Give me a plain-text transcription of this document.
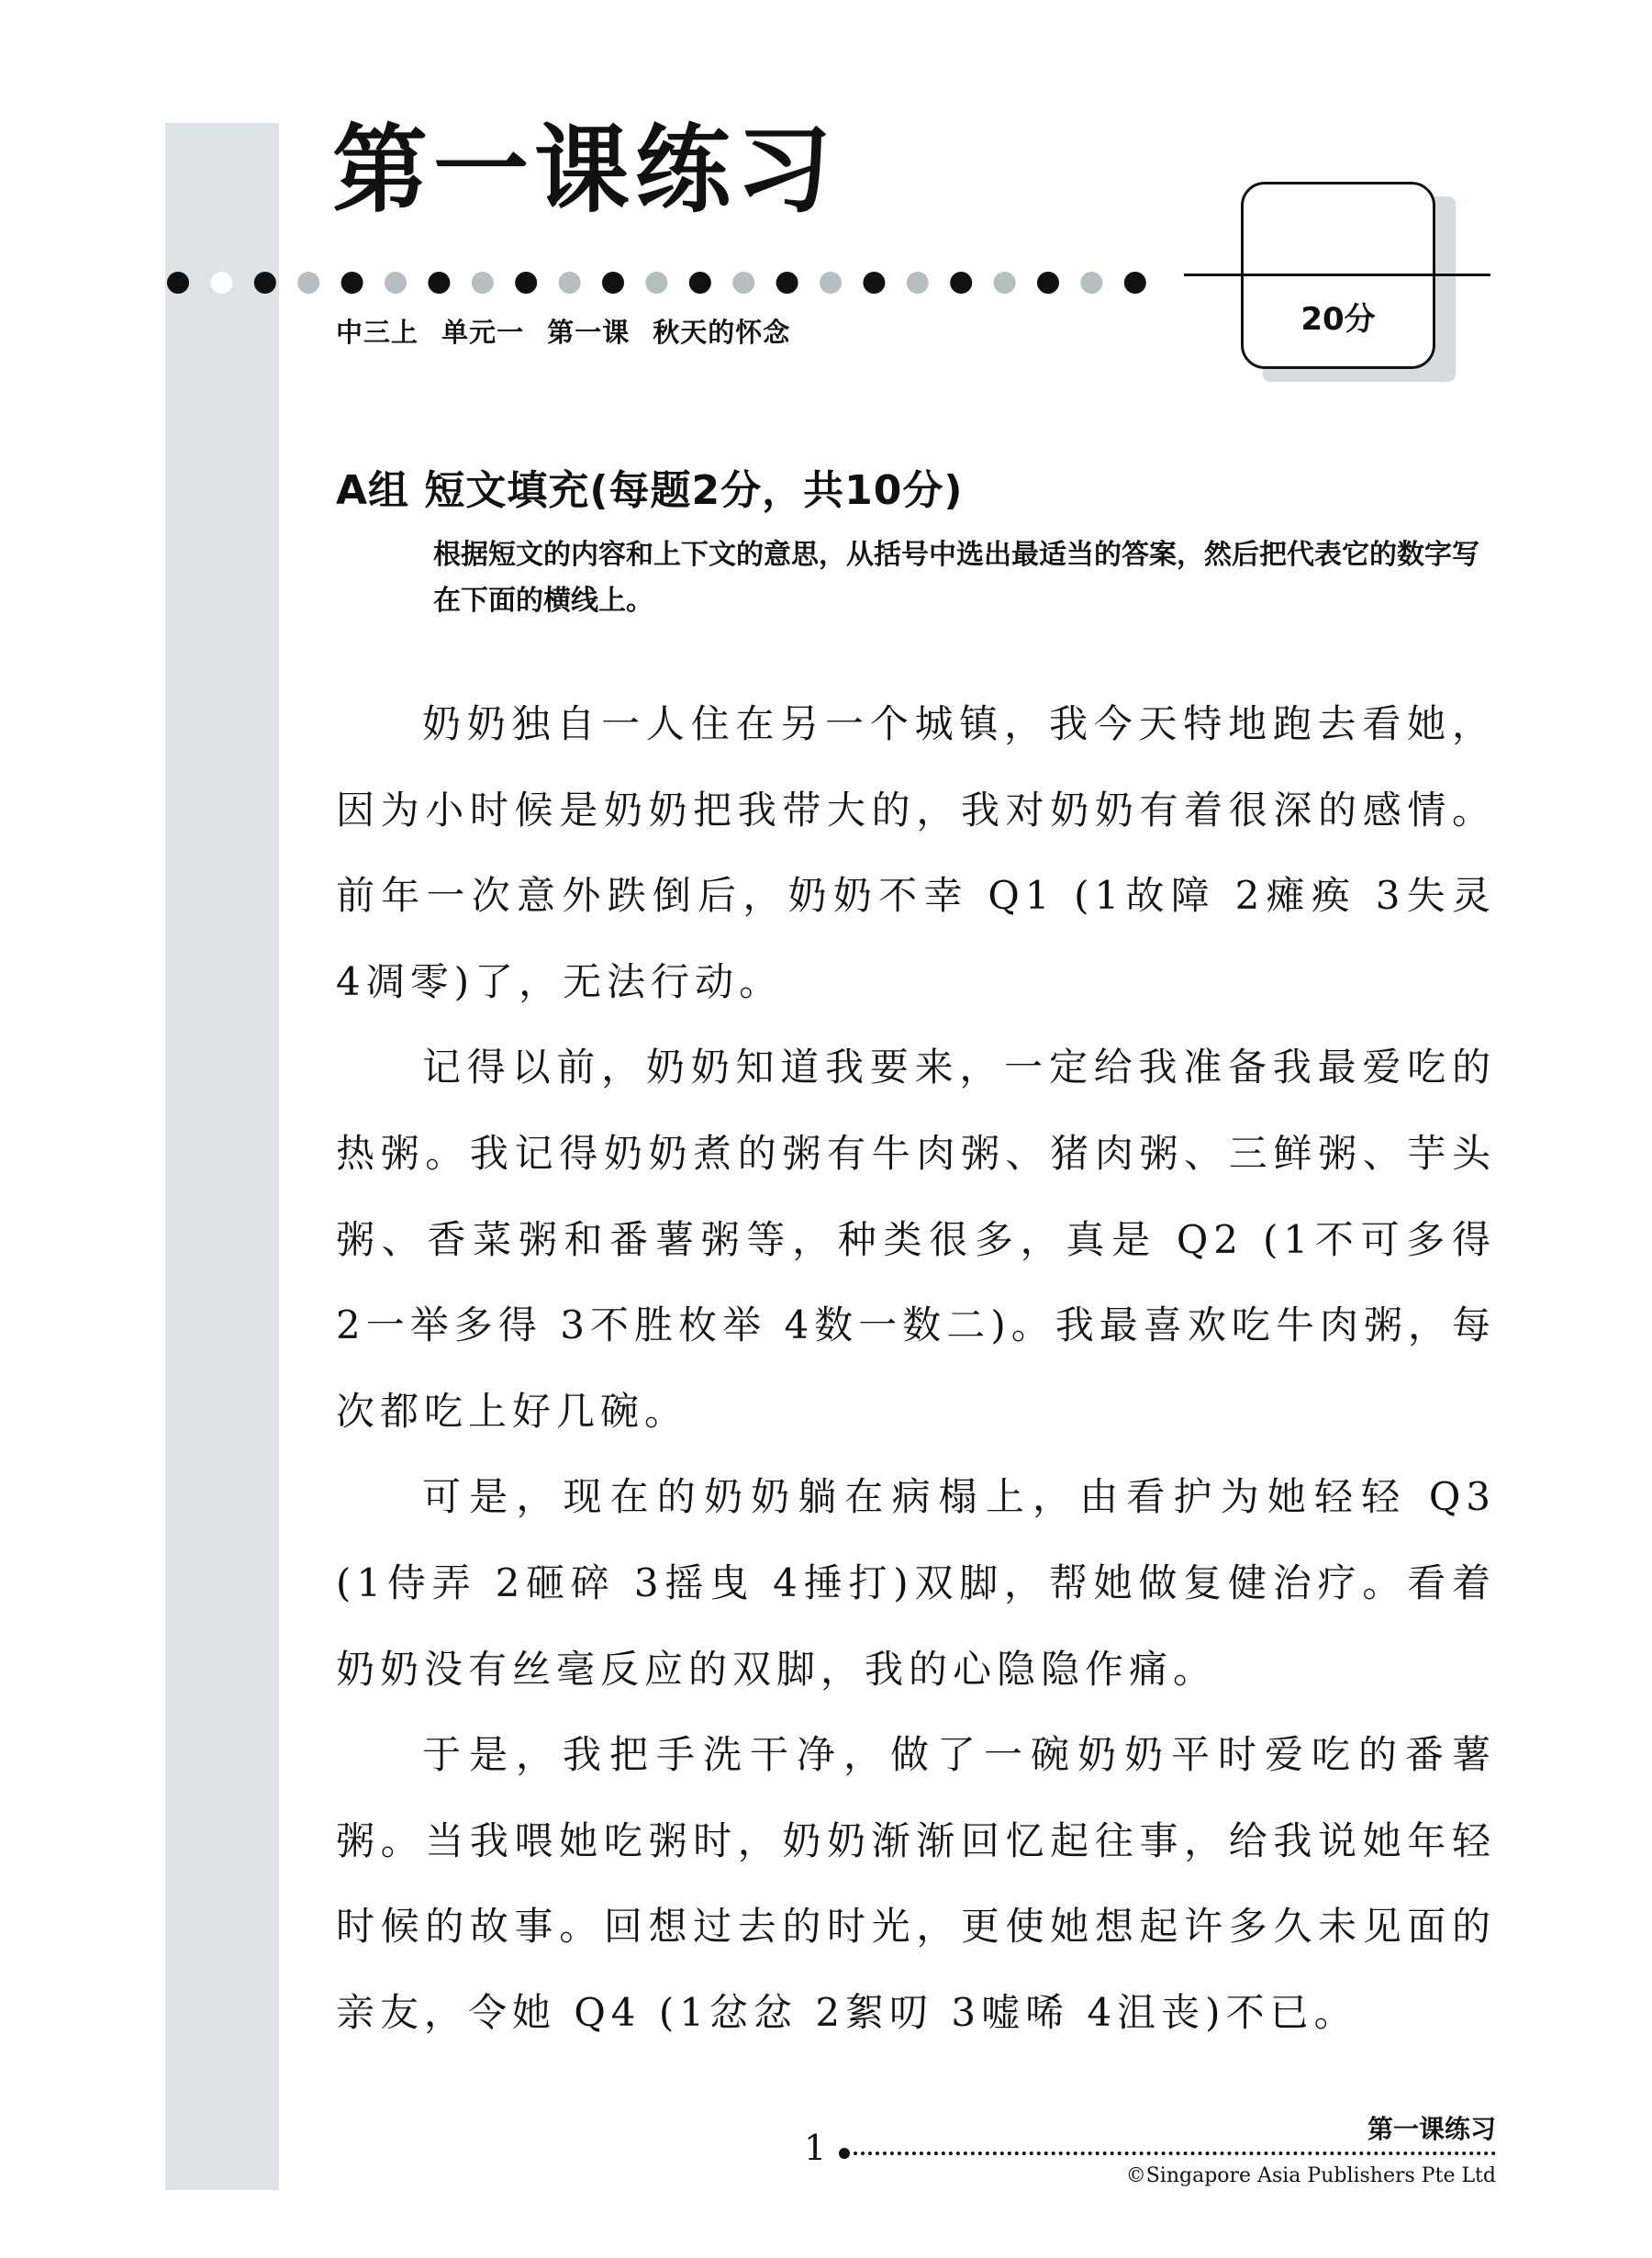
第一课练习
20分
中三上 单元一 第一课 秋天的怀念
A组 短文填充(每题2分，共10分)

根据短文的内容和上下文的意思，从括号中选出最适当的答案，然后把代表它的数字写在下面的横线上。

奶奶独自一人住在另一个城镇，我今天特地跑去看她，因为小时候是奶奶把我带大的，我对奶奶有着很深的感情。前年一次意外跌倒后，奶奶不幸 Q1 (1故障 2瘫痪 3失灵 4凋零)了，无法行动。

记得以前，奶奶知道我要来，一定给我准备我最爱吃的热粥。我记得奶奶煮的粥有牛肉粥、猪肉粥、三鲜粥、芋头粥、香菜粥和番薯粥等，种类很多，真是 Q2 (1不可多得 2一举多得 3不胜枚举 4数一数二)。我最喜欢吃牛肉粥，每次都吃上好几碗。

可是，现在的奶奶躺在病榻上，由看护为她轻轻 Q3 (1侍弄 2砸碎 3摇曳 4捶打)双脚，帮她做复健治疗。看着奶奶没有丝毫反应的双脚，我的心隐隐作痛。

于是，我把手洗干净，做了一碗奶奶平时爱吃的番薯粥。当我喂她吃粥时，奶奶渐渐回忆起往事，给我说她年轻时候的故事。回想过去的时光，更使她想起许多久未见面的亲友，令她 Q4 (1忿忿 2絮叨 3嘘唏 4沮丧)不已。

1	第一课练习
©Singapore Asia Publishers Pte Ltd
